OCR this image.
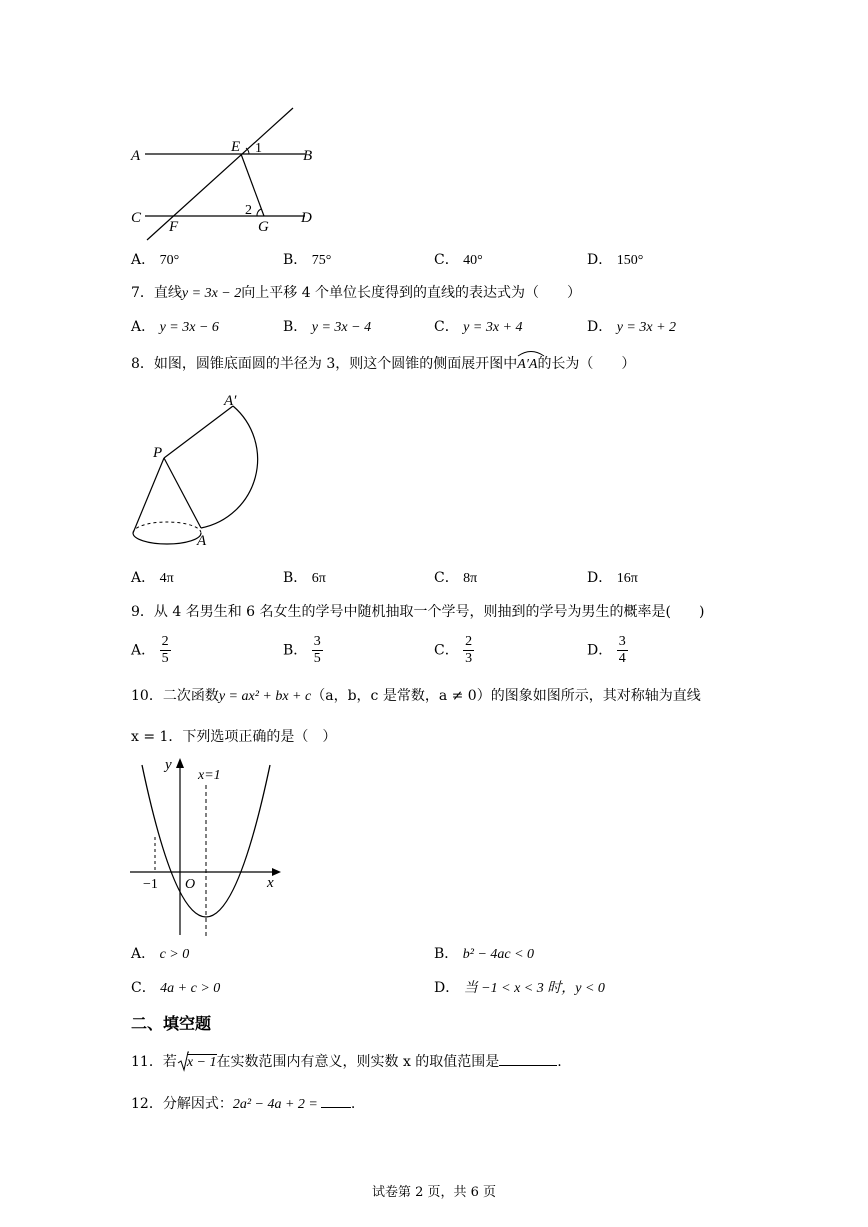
A	B
C	D
E
F	G
1
2
A． 70°	B． 75°	C． 40°	D． 150°
7．直线y = 3x − 2向上平移 4 个单位长度得到的直线的表达式为（　　）
A． y = 3x − 6	B． y = 3x − 4	C． y = 3x + 4	D． y = 3x + 2
8．如图，圆锥底面圆的半径为 3，则这个圆锥的侧面展开图中A′A
的长为（　　）
A′
P
A
A． 4π	B． 6π	C． 8π	D． 16π
9．从 4 名男生和 6 名女生的学号中随机抽取一个学号，则抽到的学号为男生的概率是(　　)
A． $\frac{2}{5}$	B． $\frac{3}{5}$	C． $\frac{2}{3}$	D． $\frac{3}{4}$
10．二次函数y = ax² + bx + c（a，b，c 是常数，a ≠ 0）的图象如图所示，其对称轴为直线
x = 1．下列选项正确的是（　）
y
x=1
−1 O	x
A． c > 0	B． b² − 4ac < 0
C． 4a + c > 0	D． 当 −1 < x < 3 时，y < 0
二、填空题
11．若 x − 1在实数范围内有意义，则实数 x 的取值范围是	.
12．分解因式：2a² − 4a + 2 = .
试卷第 2 页，共 6 页
